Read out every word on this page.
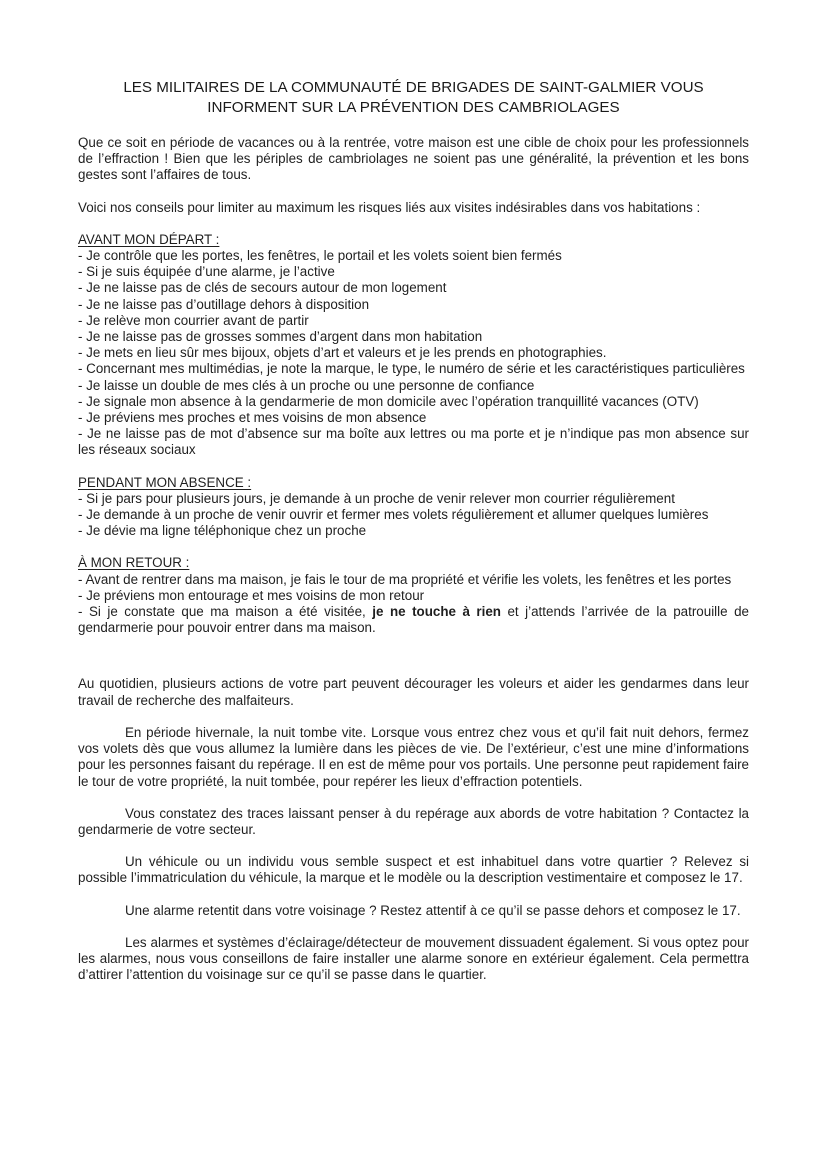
LES MILITAIRES DE LA COMMUNAUTÉ DE BRIGADES DE SAINT-GALMIER VOUS INFORMENT SUR LA PRÉVENTION DES CAMBRIOLAGES

Que ce soit en période de vacances ou à la rentrée, votre maison est une cible de choix pour les professionnels de l’effraction ! Bien que les périples de cambriolages ne soient pas une généralité, la prévention et les bons gestes sont l’affaires de tous.

Voici nos conseils pour limiter au maximum les risques liés aux visites indésirables dans vos habitations :

AVANT MON DÉPART :

- Je contrôle que les portes, les fenêtres, le portail et les volets soient bien fermés

- Si je suis équipée d’une alarme, je l’active

- Je ne laisse pas de clés de secours autour de mon logement

- Je ne laisse pas d’outillage dehors à disposition

- Je relève mon courrier avant de partir

- Je ne laisse pas de grosses sommes d’argent dans mon habitation

- Je mets en lieu sûr mes bijoux, objets d’art et valeurs et je les prends en photographies.

- Concernant mes multimédias, je note la marque, le type, le numéro de série et les caractéristiques particulières

- Je laisse un double de mes clés à un proche ou une personne de confiance

- Je signale mon absence à la gendarmerie de mon domicile avec l’opération tranquillité vacances (OTV)

- Je préviens mes proches et mes voisins de mon absence

- Je ne laisse pas de mot d’absence sur ma boîte aux lettres ou ma porte et je n’indique pas mon absence sur les réseaux sociaux

PENDANT MON ABSENCE :

- Si je pars pour plusieurs jours, je demande à un proche de venir relever mon courrier régulièrement

- Je demande à un proche de venir ouvrir et fermer mes volets régulièrement et allumer quelques lumières

- Je dévie ma ligne téléphonique chez un proche

À MON RETOUR :

- Avant de rentrer dans ma maison, je fais le tour de ma propriété et vérifie les volets, les fenêtres et les portes

- Je préviens mon entourage et mes voisins de mon retour

- Si je constate que ma maison a été visitée, je ne touche à rien et j’attends l’arrivée de la patrouille de gendarmerie pour pouvoir entrer dans ma maison.

Au quotidien, plusieurs actions de votre part peuvent décourager les voleurs et aider les gendarmes dans leur travail de recherche des malfaiteurs.

En période hivernale, la nuit tombe vite. Lorsque vous entrez chez vous et qu’il fait nuit dehors, fermez vos volets dès que vous allumez la lumière dans les pièces de vie. De l’extérieur, c’est une mine d’informations pour les personnes faisant du repérage. Il en est de même pour vos portails. Une personne peut rapidement faire le tour de votre propriété, la nuit tombée, pour repérer les lieux d’effraction potentiels.

Vous constatez des traces laissant penser à du repérage aux abords de votre habitation ? Contactez la gendarmerie de votre secteur.

Un véhicule ou un individu vous semble suspect et est inhabituel dans votre quartier ? Relevez si possible l’immatriculation du véhicule, la marque et le modèle ou la description vestimentaire et composez le 17.

Une alarme retentit dans votre voisinage ? Restez attentif à ce qu’il se passe dehors et composez le 17.

Les alarmes et systèmes d’éclairage/détecteur de mouvement dissuadent également. Si vous optez pour les alarmes, nous vous conseillons de faire installer une alarme sonore en extérieur également. Cela permettra d’attirer l’attention du voisinage sur ce qu’il se passe dans le quartier.
